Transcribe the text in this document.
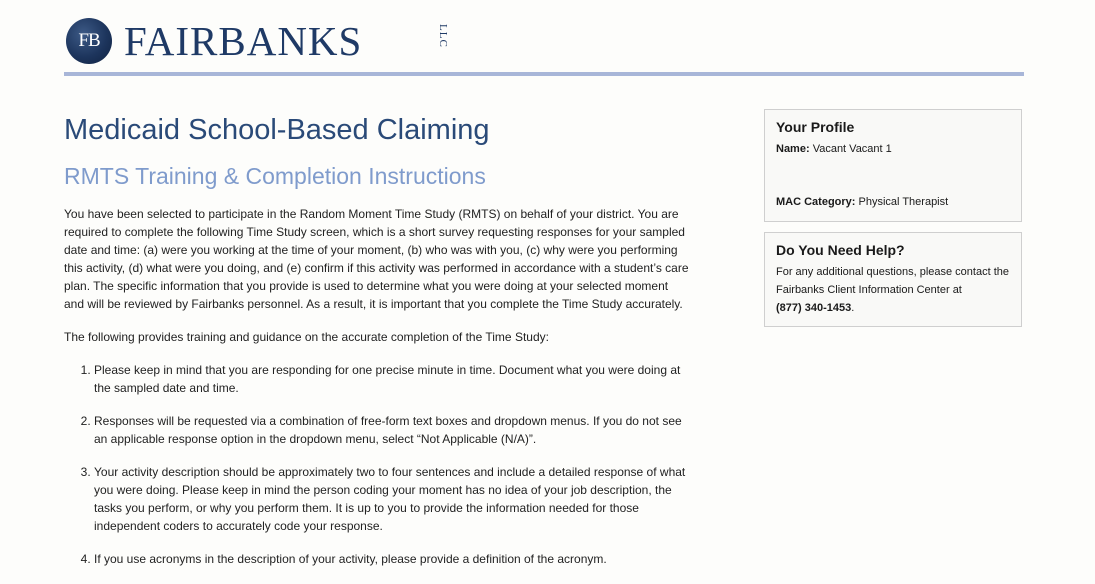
FB FAIRBANKS	LLC
Medicaid School-Based Claiming
RMTS Training & Completion Instructions

You have been selected to participate in the Random Moment Time Study (RMTS) on behalf of your district. You are required to complete the following Time Study screen, which is a short survey requesting responses for your sampled date and time: (a) were you working at the time of your moment, (b) who was with you, (c) why were you performing this activity, (d) what were you doing, and (e) confirm if this activity was performed in accordance with a student’s care plan. The specific information that you provide is used to determine what you were doing at your selected moment and will be reviewed by Fairbanks personnel. As a result, it is important that you complete the Time Study accurately.

The following provides training and guidance on the accurate completion of the Time Study:

1. Please keep in mind that you are responding for one precise minute in time. Document what you were doing at the sampled date and time.
2. Responses will be requested via a combination of free-form text boxes and dropdown menus. If you do not see an applicable response option in the dropdown menu, select “Not Applicable (N/A)”.
3. Your activity description should be approximately two to four sentences and include a detailed response of what you were doing. Please keep in mind the person coding your moment has no idea of your job description, the tasks you perform, or why you perform them. It is up to you to provide the information needed for those independent coders to accurately code your response.
4. If you use acronyms in the description of your activity, please provide a definition of the acronym.
Your Profile
Name: Vacant Vacant 1
MAC Category: Physical Therapist
Do You Need Help?
For any additional questions, please contact the Fairbanks Client Information Center at
(877) 340-1453.
